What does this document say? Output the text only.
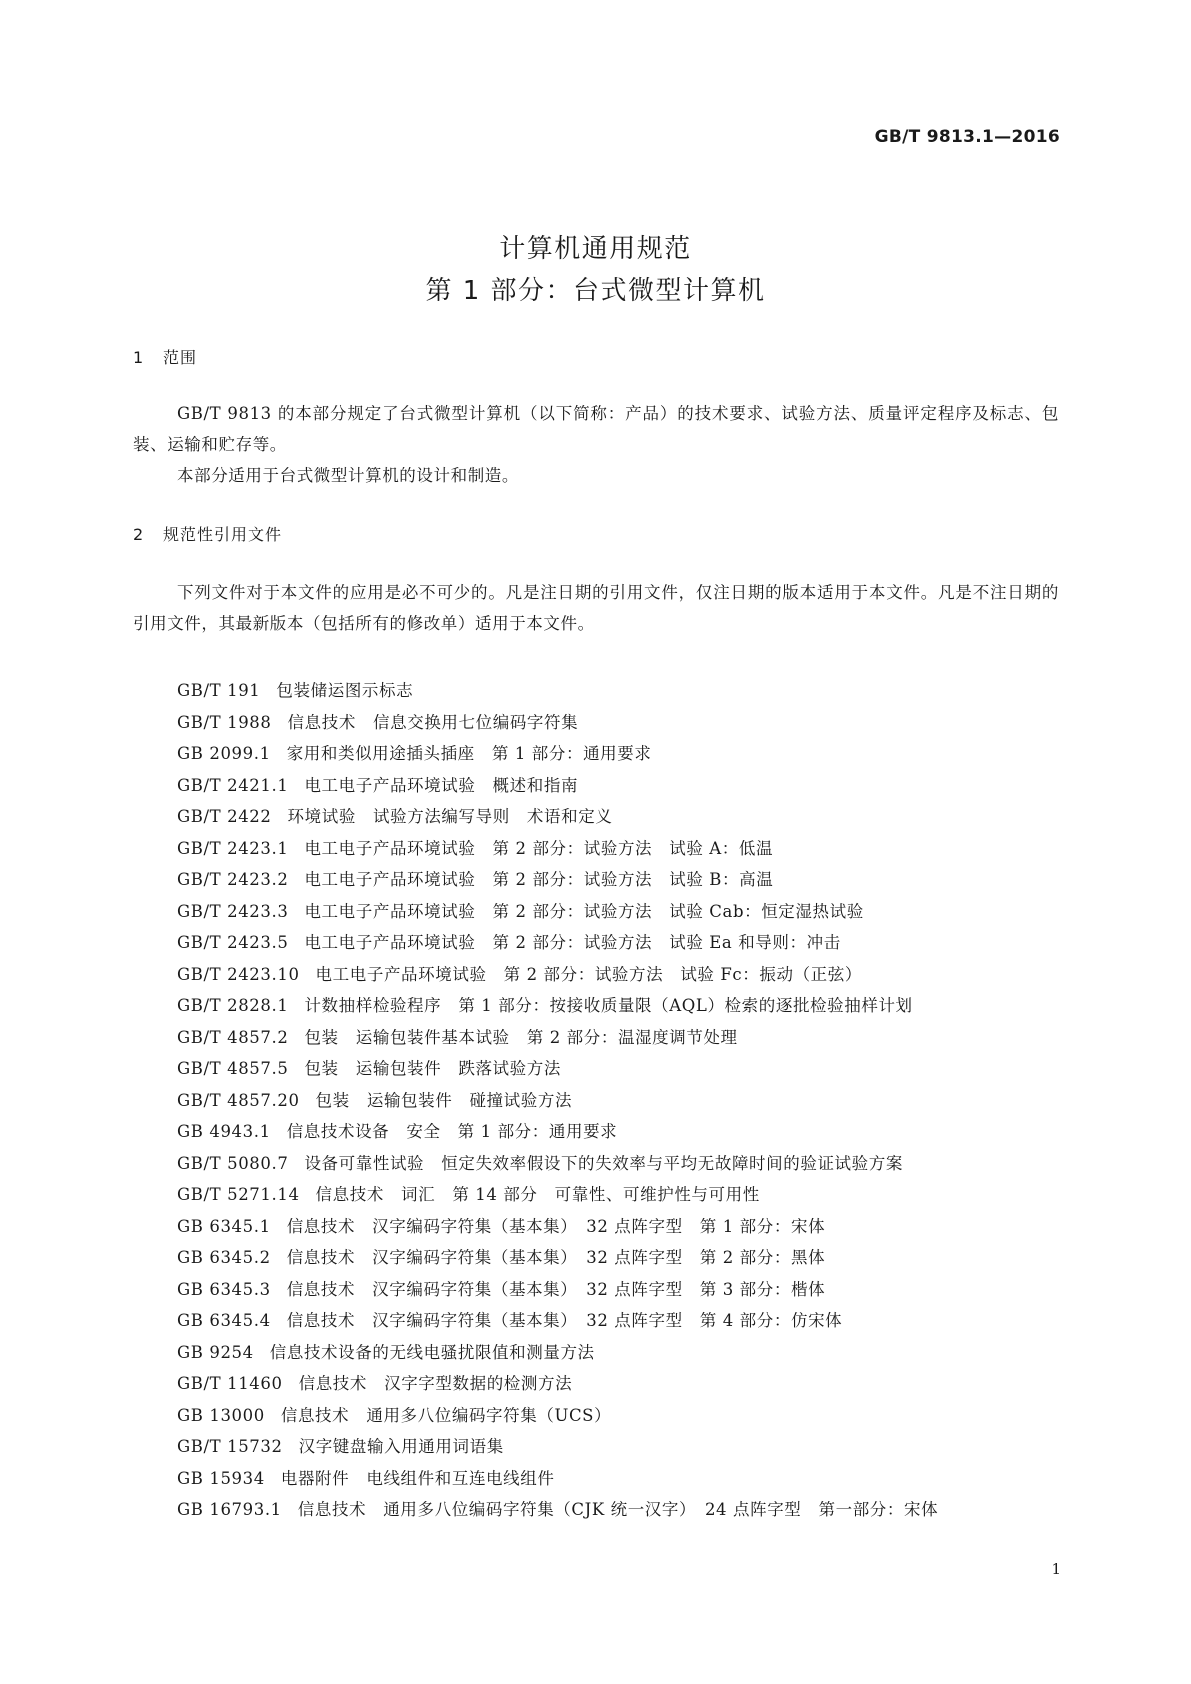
GB/T 9813.1—2016
计算机通用规范
第 1 部分：台式微型计算机
1 范围

GB/T 9813 的本部分规定了台式微型计算机（以下简称：产品）的技术要求、试验方法、质量评定程序及标志、包装、运输和贮存等。

本部分适用于台式微型计算机的设计和制造。

2 规范性引用文件

下列文件对于本文件的应用是必不可少的。凡是注日期的引用文件，仅注日期的版本适用于本文件。凡是不注日期的引用文件，其最新版本（包括所有的修改单）适用于本文件。

GB/T 191 包装储运图示标志
GB/T 1988 信息技术　信息交换用七位编码字符集
GB 2099.1 家用和类似用途插头插座　第 1 部分：通用要求
GB/T 2421.1 电工电子产品环境试验　概述和指南
GB/T 2422 环境试验　试验方法编写导则　术语和定义
GB/T 2423.1 电工电子产品环境试验　第 2 部分：试验方法　试验 A：低温
GB/T 2423.2 电工电子产品环境试验　第 2 部分：试验方法　试验 B：高温
GB/T 2423.3 电工电子产品环境试验　第 2 部分：试验方法　试验 Cab：恒定湿热试验
GB/T 2423.5 电工电子产品环境试验　第 2 部分：试验方法　试验 Ea 和导则：冲击
GB/T 2423.10 电工电子产品环境试验　第 2 部分：试验方法　试验 Fc：振动（正弦）
GB/T 2828.1 计数抽样检验程序　第 1 部分：按接收质量限（AQL）检索的逐批检验抽样计划
GB/T 4857.2 包装　运输包装件基本试验　第 2 部分：温湿度调节处理
GB/T 4857.5 包装　运输包装件　跌落试验方法
GB/T 4857.20 包装　运输包装件　碰撞试验方法
GB 4943.1 信息技术设备　安全　第 1 部分：通用要求
GB/T 5080.7 设备可靠性试验　恒定失效率假设下的失效率与平均无故障时间的验证试验方案
GB/T 5271.14 信息技术　词汇　第 14 部分　可靠性、可维护性与可用性
GB 6345.1 信息技术　汉字编码字符集（基本集）　32 点阵字型　第 1 部分：宋体
GB 6345.2 信息技术　汉字编码字符集（基本集）　32 点阵字型　第 2 部分：黑体
GB 6345.3 信息技术　汉字编码字符集（基本集）　32 点阵字型　第 3 部分：楷体
GB 6345.4 信息技术　汉字编码字符集（基本集）　32 点阵字型　第 4 部分：仿宋体
GB 9254 信息技术设备的无线电骚扰限值和测量方法
GB/T 11460 信息技术　汉字字型数据的检测方法
GB 13000 信息技术　通用多八位编码字符集（UCS）
GB/T 15732 汉字键盘输入用通用词语集
GB 15934 电器附件　电线组件和互连电线组件
GB 16793.1 信息技术　通用多八位编码字符集（CJK 统一汉字）　24 点阵字型　第一部分：宋体
1
